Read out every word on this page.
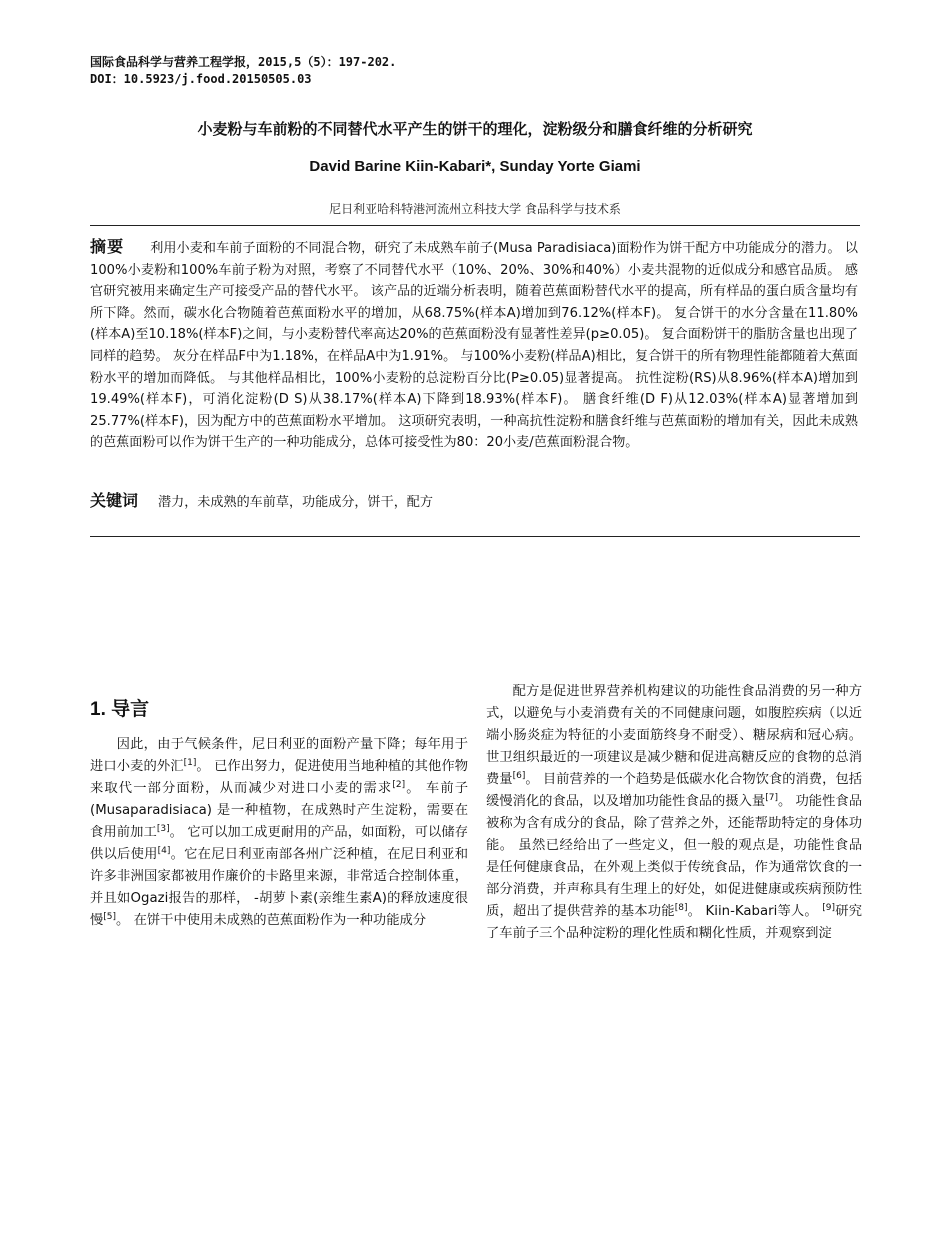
国际食品科学与营养工程学报，2015,5（5）：197-202.
DOI：10.5923/j.food.20150505.03
小麦粉与车前粉的不同替代水平产生的饼干的理化，淀粉级分和膳食纤维的分析研究
David Barine Kiin-Kabari*, Sunday Yorte Giami
尼日利亚哈科特港河流州立科技大学 食品科学与技术系
摘要 利用小麦和车前子面粉的不同混合物，研究了未成熟车前子(Musa Paradisiaca)面粉作为饼干配方中功能成分的潜力。 以100%小麦粉和100%车前子粉为对照，考察了不同替代水平（10%、20%、30%和40%）小麦共混物的近似成分和感官品质。 感官研究被用来确定生产可接受产品的替代水平。 该产品的近端分析表明，随着芭蕉面粉替代水平的提高，所有样品的蛋白质含量均有所下降。然而，碳水化合物随着芭蕉面粉水平的增加，从68.75%(样本A)增加到76.12%(样本F)。 复合饼干的水分含量在11.80%(样本A)至10.18%(样本F)之间，与小麦粉替代率高达20%的芭蕉面粉没有显著性差异(p≥0.05)。 复合面粉饼干的脂肪含量也出现了同样的趋势。 灰分在样品F中为1.18%，在样品A中为1.91%。 与100%小麦粉(样品A)相比，复合饼干的所有物理性能都随着大蕉面粉水平的增加而降低。 与其他样品相比，100%小麦粉的总淀粉百分比(P≥0.05)显著提高。 抗性淀粉(RS)从8.96%(样本A)增加到19.49%(样本F)，可消化淀粉(D S)从38.17%(样本A)下降到18.93%(样本F)。 膳食纤维(D F)从12.03%(样本A)显著增加到25.77%(样本F)，因为配方中的芭蕉面粉水平增加。 这项研究表明，一种高抗性淀粉和膳食纤维与芭蕉面粉的增加有关，因此未成熟的芭蕉面粉可以作为饼干生产的一种功能成分，总体可接受性为80：20小麦/芭蕉面粉混合物。
关键词 潜力，未成熟的车前草，功能成分，饼干，配方
1. 导言

因此，由于气候条件，尼日利亚的面粉产量下降；每年用于进口小麦的外汇[1]。 已作出努力，促进使用当地种植的其他作物来取代一部分面粉，从而减少对进口小麦的需求[2]。 车前子(Musaparadisiaca) 是一种植物，在成熟时产生淀粉，需要在食用前加工[3]。 它可以加工成更耐用的产品，如面粉，可以储存供以后使用[4]。它在尼日利亚南部各州广泛种植，在尼日利亚和许多非洲国家都被用作廉价的卡路里来源，非常适合控制体重，并且如Ogazi报告的那样， -胡萝卜素(亲维生素A)的释放速度很慢[5]。 在饼干中使用未成熟的芭蕉面粉作为一种功能成分

配方是促进世界营养机构建议的功能性食品消费的另一种方式，以避免与小麦消费有关的不同健康问题，如腹腔疾病（以近端小肠炎症为特征的小麦面筋终身不耐受）、糖尿病和冠心病。 世卫组织最近的一项建议是减少糖和促进高糖反应的食物的总消费量[6]。 目前营养的一个趋势是低碳水化合物饮食的消费，包括缓慢消化的食品，以及增加功能性食品的摄入量[7]。 功能性食品被称为含有成分的食品，除了营养之外，还能帮助特定的身体功能。 虽然已经给出了一些定义，但一般的观点是，功能性食品是任何健康食品，在外观上类似于传统食品，作为通常饮食的一部分消费，并声称具有生理上的好处，如促进健康或疾病预防性质，超出了提供营养的基本功能[8]。 Kiin-Kabari等人。 [9]研究了车前子三个品种淀粉的理化性质和糊化性质，并观察到淀
